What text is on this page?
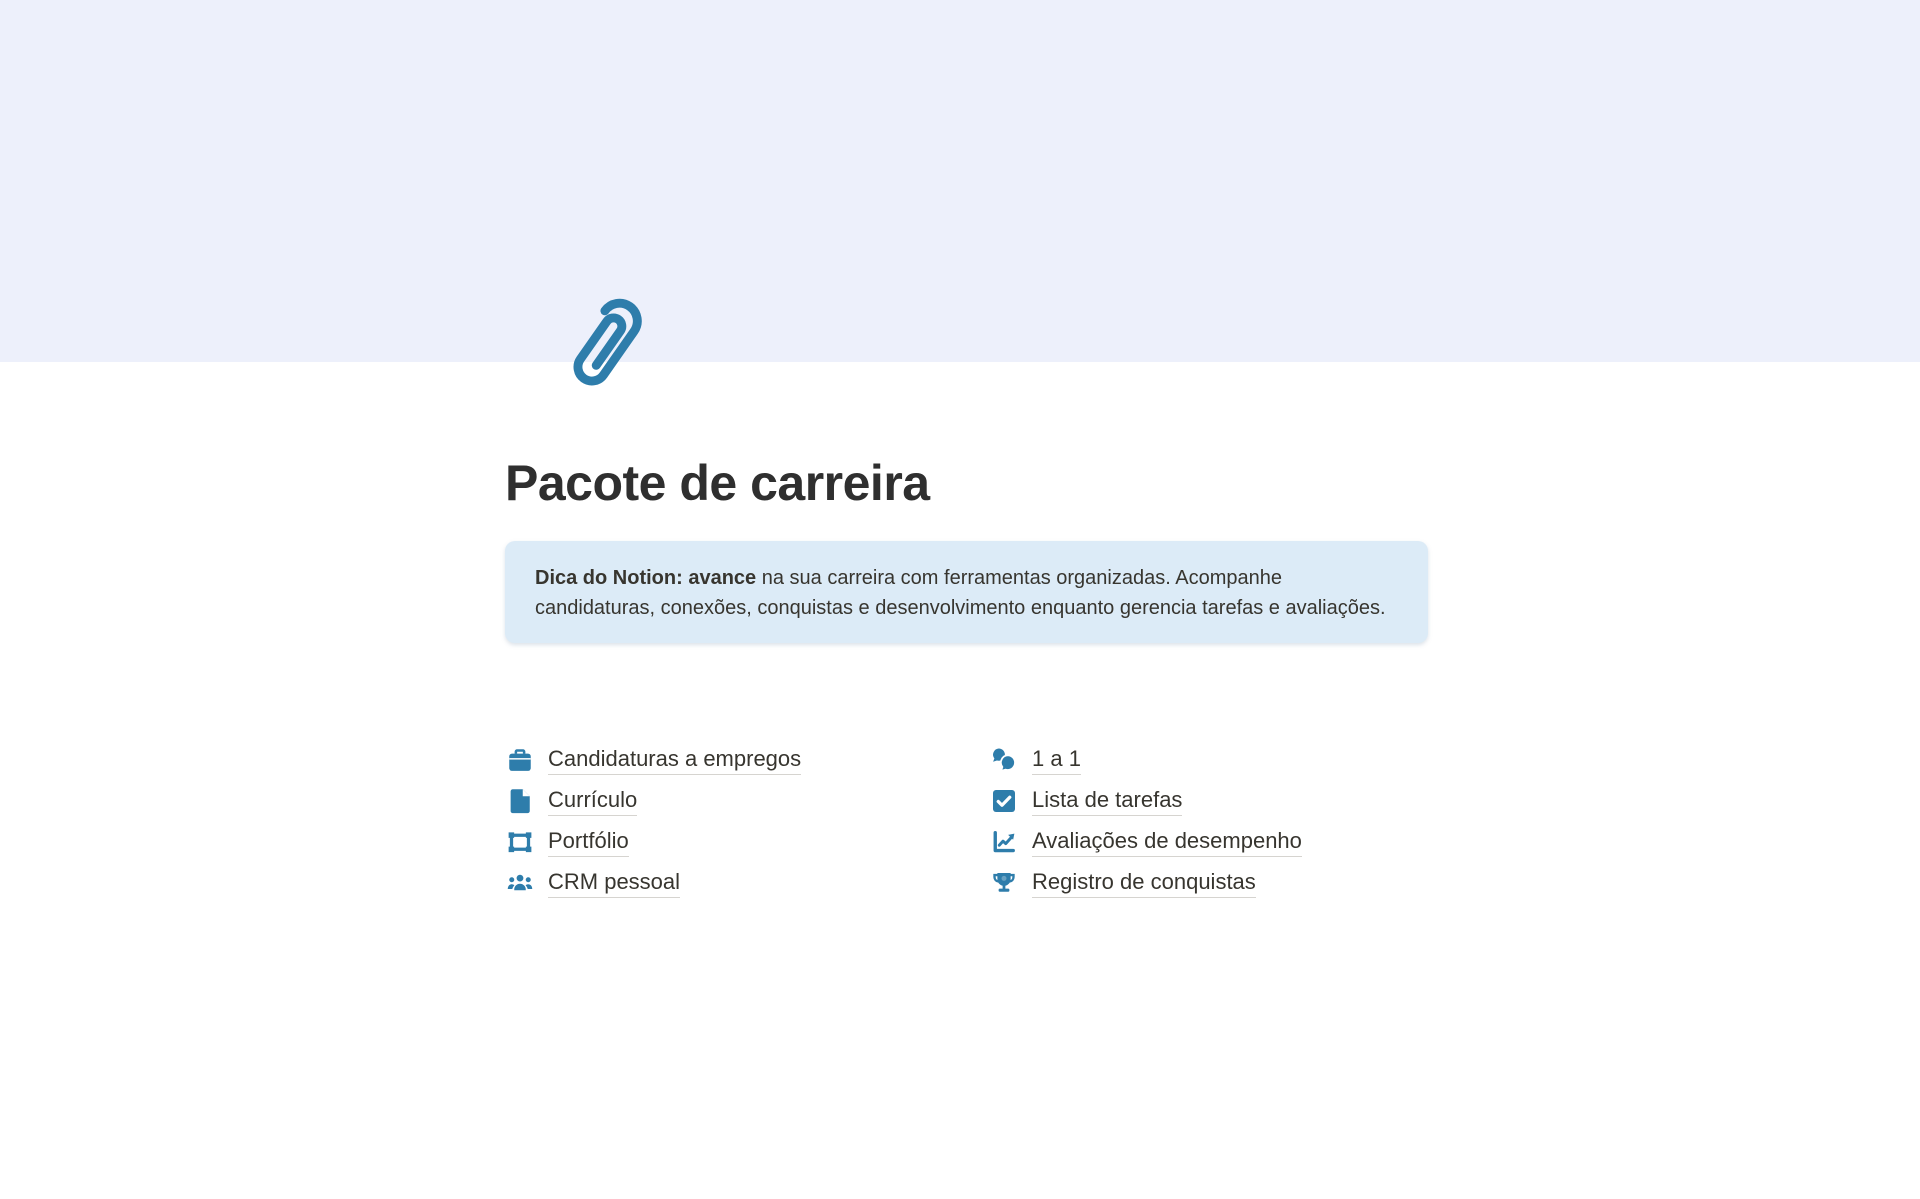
Pacote de carreira
Dica do Notion: avance na sua carreira com ferramentas organizadas. Acompanhe candidaturas, conexões, conquistas e desenvolvimento enquanto gerencia tarefas e avaliações.
Candidaturas a empregos
Currículo
Portfólio
CRM pessoal
1 a 1
Lista de tarefas
Avaliações de desempenho
Registro de conquistas
